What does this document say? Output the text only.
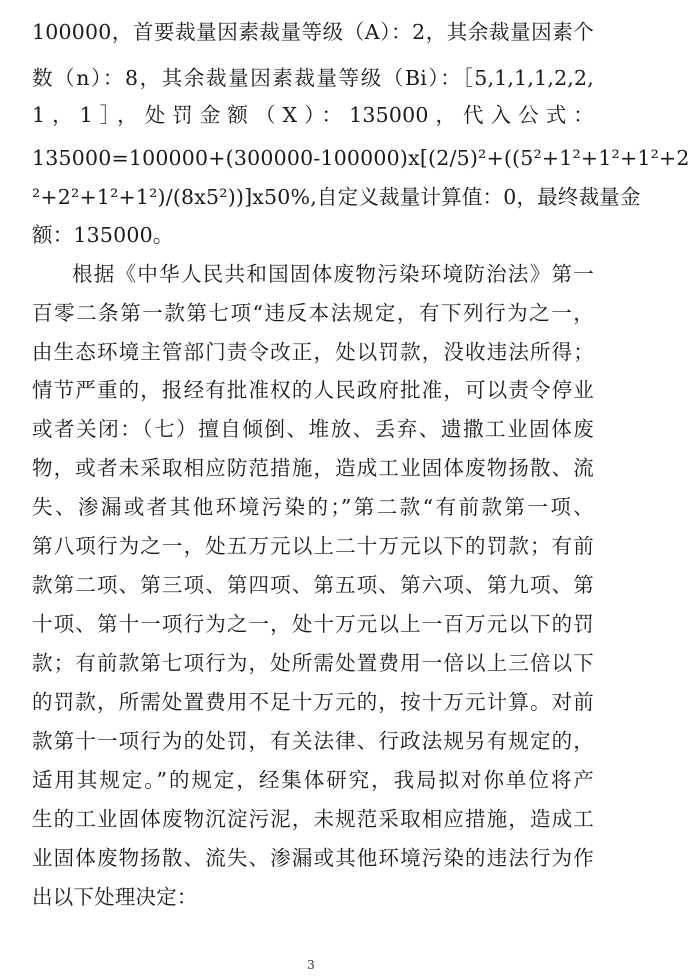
100000，首要裁量因素裁量等级（A）：2，其余裁量因素个
数（n）：8，其余裁量因素裁量等级（Bi）：［5,1,1,1,2,2,
1，1］，处罚金额（X）：135000，代入公式：
135000=100000+(300000-100000)x[(2/5)²+((5²+1²+1²+1²+2
²+2²+1²+1²)/(8x5²))]x50%,自定义裁量计算值：0，最终裁量金
额：135000。
根据《中华人民共和国固体废物污染环境防治法》第一
百零二条第一款第七项“违反本法规定，有下列行为之一，
由生态环境主管部门责令改正，处以罚款，没收违法所得；
情节严重的，报经有批准权的人民政府批准，可以责令停业
或者关闭：（七）擅自倾倒、堆放、丢弃、遗撒工业固体废
物，或者未采取相应防范措施，造成工业固体废物扬散、流
失、渗漏或者其他环境污染的；”第二款“有前款第一项、
第八项行为之一，处五万元以上二十万元以下的罚款；有前
款第二项、第三项、第四项、第五项、第六项、第九项、第
十项、第十一项行为之一，处十万元以上一百万元以下的罚
款；有前款第七项行为，处所需处置费用一倍以上三倍以下
的罚款，所需处置费用不足十万元的，按十万元计算。对前
款第十一项行为的处罚，有关法律、行政法规另有规定的，
适用其规定。”的规定，经集体研究，我局拟对你单位将产
生的工业固体废物沉淀污泥，未规范采取相应措施，造成工
业固体废物扬散、流失、渗漏或其他环境污染的违法行为作
出以下处理决定：
3
